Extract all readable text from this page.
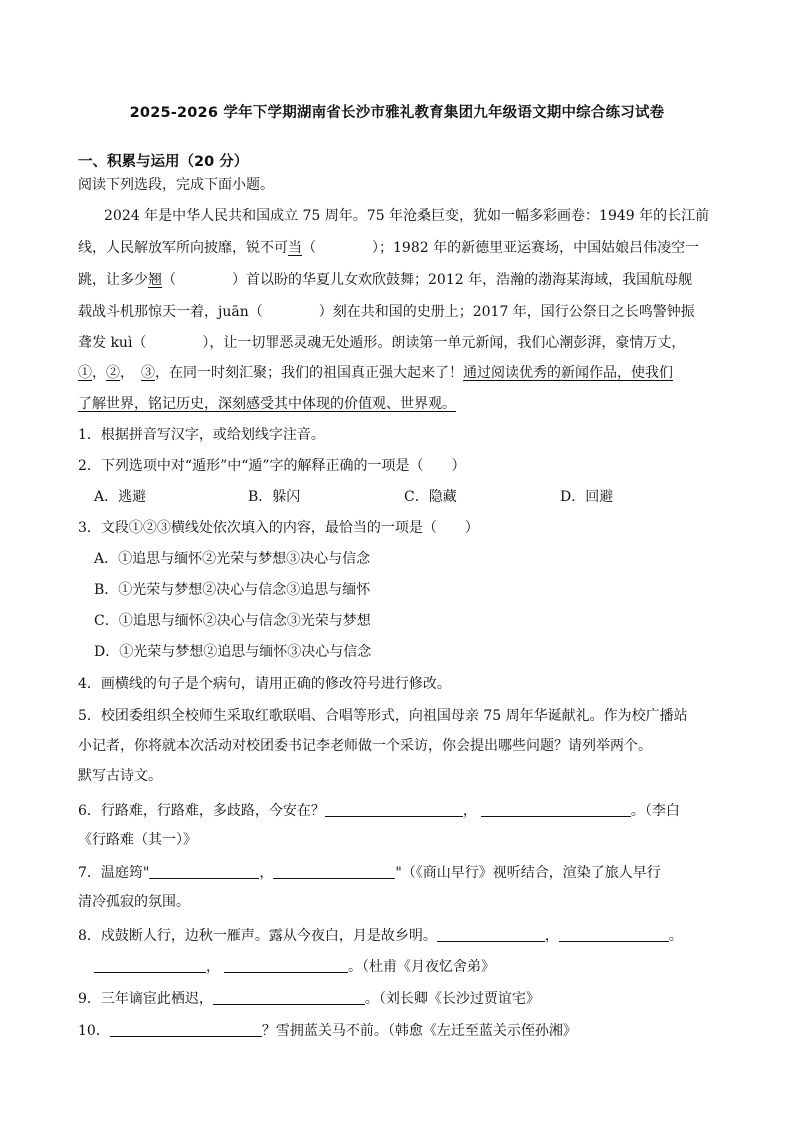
2025-2026 学年下学期湖南省长沙市雅礼教育集团九年级语文期中综合练习试卷
一、积累与运用（20 分）
阅读下列选段，完成下面小题。
2024 年是中华人民共和国成立 75 周年。75 年沧桑巨变，犹如一幅多彩画卷：1949 年的长江前
线，人民解放军所向披靡，锐不可当（　　　　）；1982 年的新德里亚运赛场，中国姑娘吕伟凌空一
跳，让多少翘（　　　　）首以盼的华夏儿女欢欣鼓舞；2012 年，浩瀚的渤海某海域，我国航母舰
载战斗机那惊天一着，juān（　　　　）刻在共和国的史册上；2017 年，国行公祭日之长鸣警钟振
聋发 kuì（　　　　），让一切罪恶灵魂无处遁形。朗读第一单元新闻，我们心潮彭湃，豪情万丈，
①，②，　③，在同一时刻汇聚；我们的祖国真正强大起来了！通过阅读优秀的新闻作品，使我们
了解世界，铭记历史，深刻感受其中体现的价值观、世界观。
1．根据拼音写汉字，或给划线字注音。
2．下列选项中对“遁形”中“遁”字的解释正确的一项是（　　）
A．逃避	B．躲闪	C．隐藏	D．回避
3．文段①②③横线处依次填入的内容，最恰当的一项是（　　）
A．①追思与缅怀②光荣与梦想③决心与信念
B．①光荣与梦想②决心与信念③追思与缅怀
C．①追思与缅怀②决心与信念③光荣与梦想
D．①光荣与梦想②追思与缅怀③决心与信念
4．画横线的句子是个病句，请用正确的修改符号进行修改。
5．校团委组织全校师生采取红歌联唱、合唱等形式，向祖国母亲 75 周年华诞献礼。作为校广播站
小记者，你将就本次活动对校团委书记李老师做一个采访，你会提出哪些问题？请列举两个。
默写古诗文。
6．行路难，行路难，多歧路，今安在？	，	。（李白
《行路难（其一）》
7．温庭筠"	，	"（《商山早行》视听结合，渲染了旅人早行
清冷孤寂的氛围。
8．戍鼓断人行，边秋一雁声。露从今夜白，月是故乡明。	，	。
，	。（杜甫《月夜忆舍弟》
9．三年谪宦此栖迟，	。（刘长卿《长沙过贾谊宅》
10．	？雪拥蓝关马不前。（韩愈《左迁至蓝关示侄孙湘》
